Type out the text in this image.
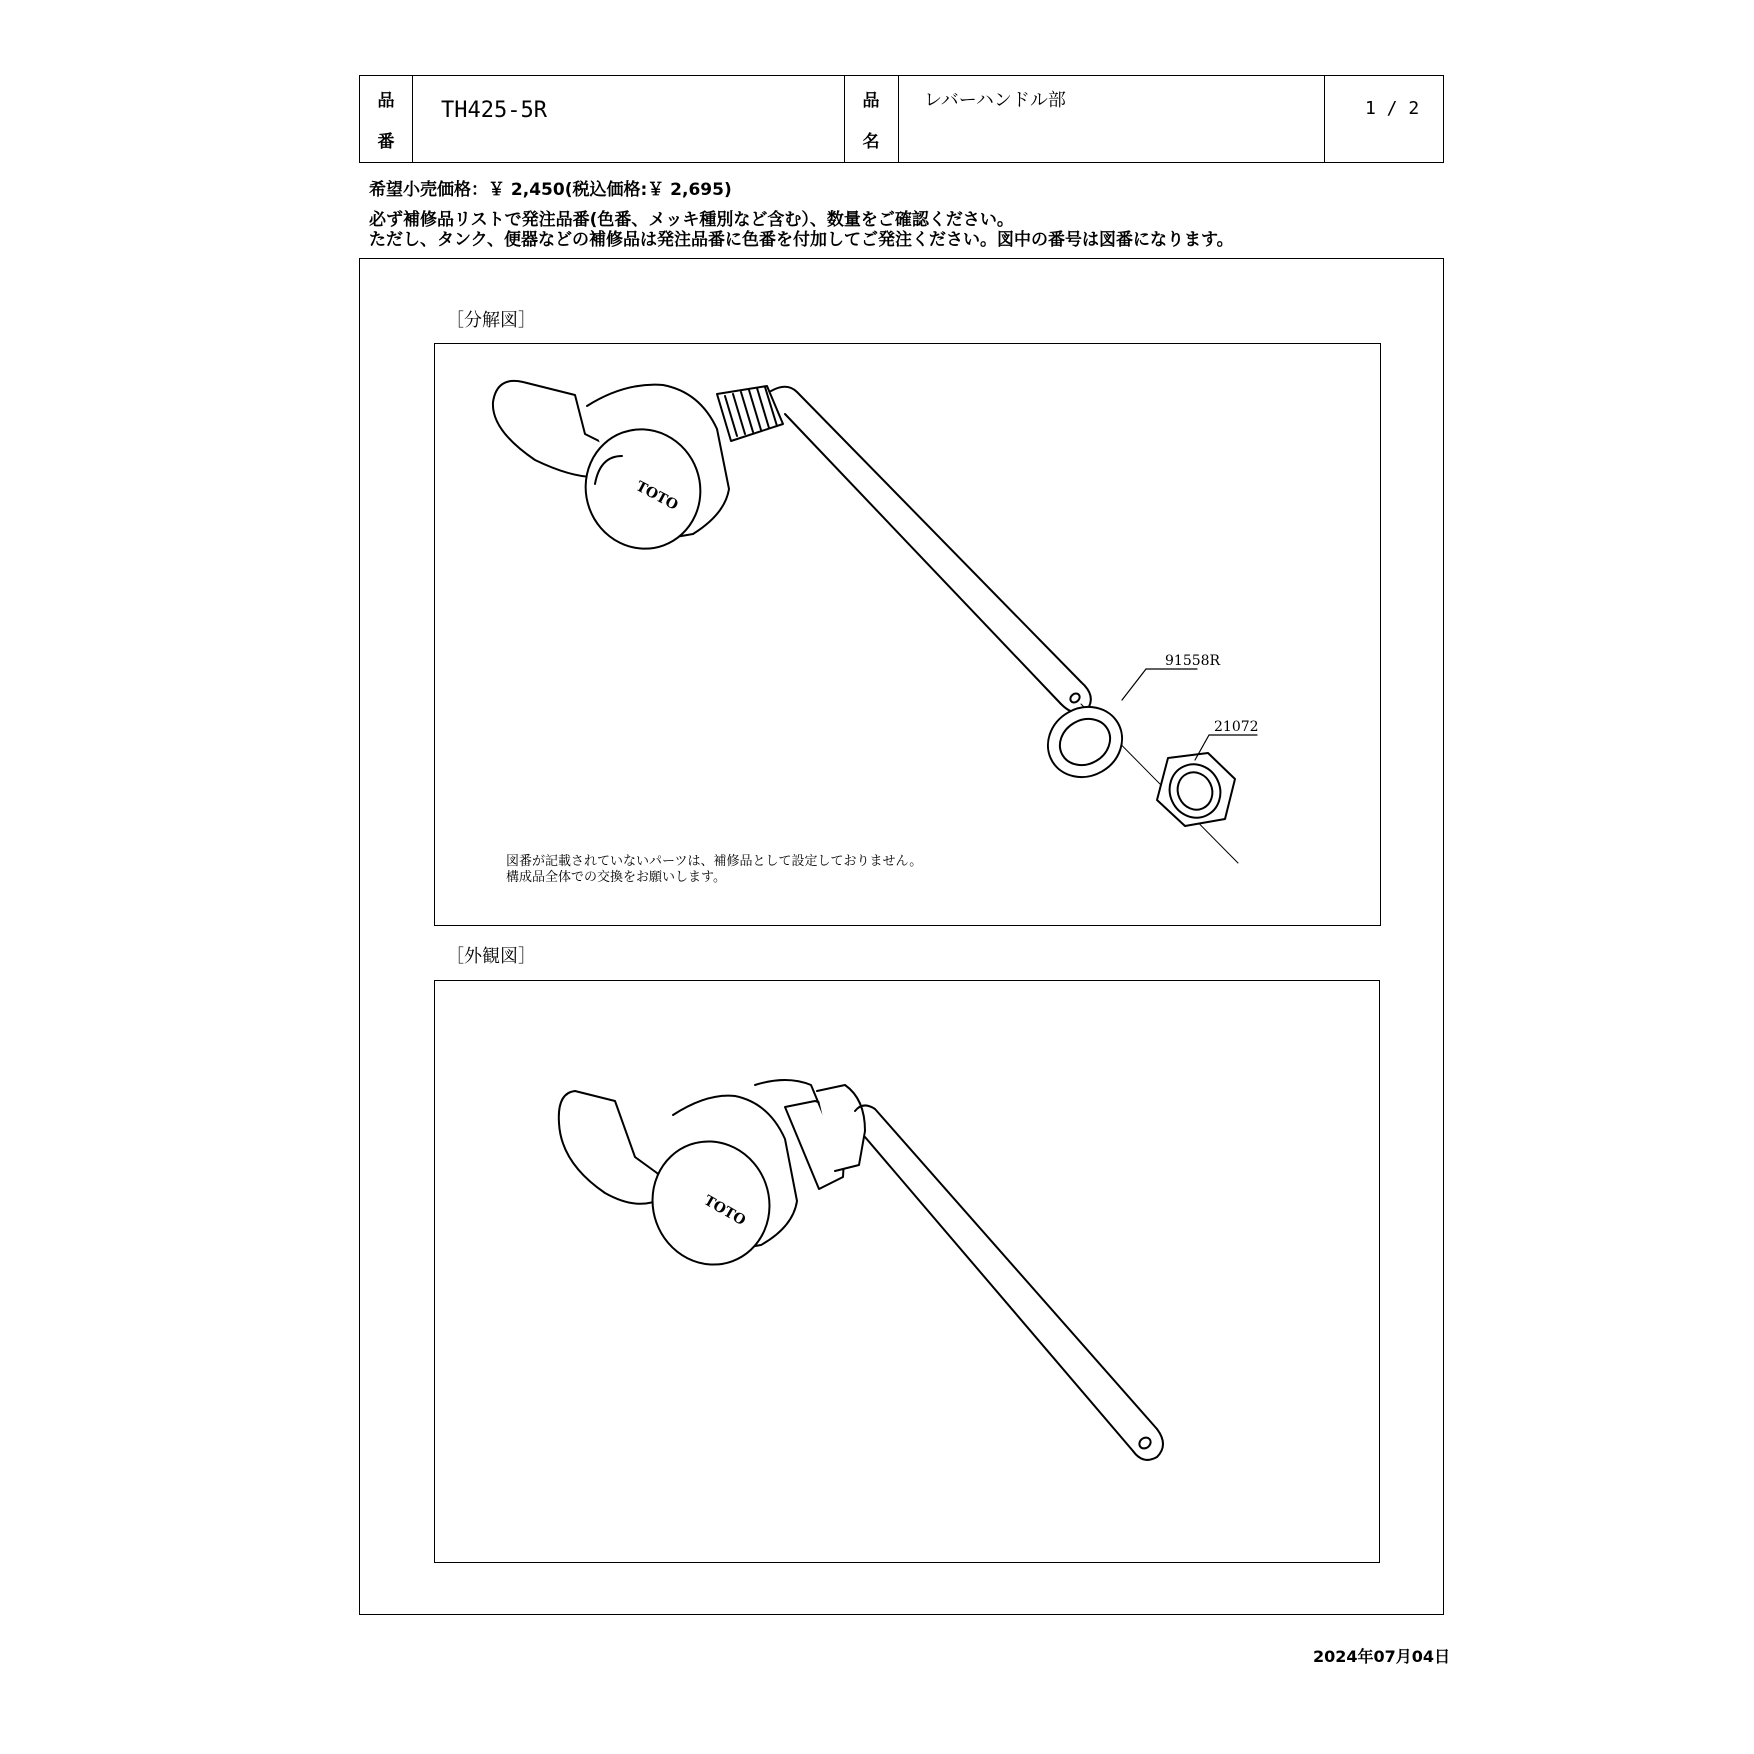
品
番
TH425-5R	品
名
レバーハンドル部	1 / 2
希望小売価格：￥ 2,450(税込価格:￥ 2,695)
必ず補修品リストで発注品番(色番、メッキ種別など含む）、数量をご確認ください。
ただし、タンク、便器などの補修品は発注品番に色番を付加してご発注ください。図中の番号は図番になります。
［分解図］
TOTO
91558R
21072
図番が記載されていないパーツは、補修品として設定しておりません。
構成品全体での交換をお願いします。
［外観図］
TOTO
2024年07月04日
